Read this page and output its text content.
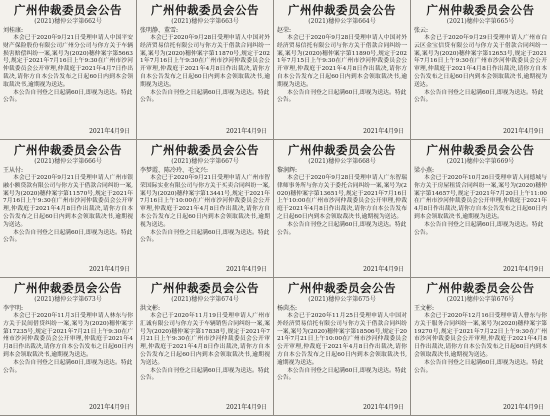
广州仲裁委员会公告
(2021)穗仲公字第662号
刘桂康:
本会已于2020年9月21日受理申请人中国平安财产保险股份有限公司广州分公司与你方关于车辆损害赔偿纠纷一案,案号为(2020)穗仲案字第5663号,规定于2021年7月16日上午9:30在广州市沙河仲裁委员会公开审理,仲裁庭于2021年4月7日作出裁决,请你方自本公告发布之日起60日内到本会领取裁决书,逾期视为送达。
本公告自刊登之日起满60日,即视为送达。特此公告。
2021年4月9日
广州仲裁委员会公告
(2021)穗仲公字第663号
张明静、董雪:
本会已于2020年9月28日受理申请人中国对外经济贸易信托有限公司与你方关于借款合同纠纷一案,案号为(2020)穗仲案字第11870号,规定于2021年7月16日上午9:30在广州市沙河仲裁委员会公开审理,仲裁庭于2021年4月8日作出裁决,请你方自本公告发布之日起60日内到本会领取裁决书,逾期视为送达。
本公告自刊登之日起满60日,即视为送达。特此公告。
2021年4月9日
广州仲裁委员会公告
(2021)穗仲公字第664号
赵荣:
本会已于2020年9月28日受理申请人中国对外经济贸易信托有限公司与你方关于借款合同纠纷一案,案号为(2020)穗仲案字第11890号,规定于2021年7月15日上午9:30在广州市沙河仲裁委员会公开审理,仲裁庭于2021年4月8日作出裁决,请你方自本公告发布之日起60日内到本会领取裁决书,逾期视为送达。
本公告自刊登之日起满60日,即视为送达。特此公告。
2021年4月9日
广州仲裁委员会公告
(2021)穗仲公字第665号
张云:
本会已于2020年9月29日受理申请人广州市白云区金宝信贷有限公司与你方关于借款合同纠纷一案,案号为(2020)穗仲案字第12653号,规定于2021年7月16日上午9:30在广州市沙河仲裁委员会公开审理,仲裁庭于2021年4月8日作出裁决,请你方自本公告发布之日起60日内到本会领取裁决书,逾期视为送达。
本公告自刊登之日起满60日,即视为送达。特此公告。
2021年4月9日
广州仲裁委员会公告
(2021)穗仲公字第666号
王从付:
本会已于2020年9月21日受理申请人广州市银融小额贷款有限公司与你方关于借款合同纠纷一案,案号为(2020)穗仲案字第11570号,规定于2021年7月16日上午9:30在广州市沙河仲裁委员会公开审理,仲裁庭于2021年4月8日作出裁决,请你方自本公告发布之日起60日内到本会领取裁决书,逾期视为送达。
本公告自刊登之日起满60日,即视为送达。特此公告。
2021年4月9日
广州仲裁委员会公告
(2021)穗仲公字第667号
李梦霞、陈冷玲、毛文兴:
本会已于2020年9月21日受理申请人广州市智荣国际实业有限公司与你方关于买卖合同纠纷一案,案号为(2020)穗仲案字第13441号,规定于2021年7月16日上午10:00在广州市沙河仲裁委员会公开审理,仲裁庭于2021年4月8日作出裁决,请你方自本公告发布之日起60日内到本会领取裁决书,逾期视为送达。
本公告自刊登之日起满60日,即视为送达。特此公告。
2021年4月9日
广州仲裁委员会公告
(2021)穗仲公字第668号
黎润辉:
本会已于2020年9月28日受理申请人广东智瑞律师事务所与你方关于委托合同纠纷一案,案号为(2020)穗仲案字第13651号,规定于2021年7月16日上午10:00在广州市沙河仲裁委员会公开审理,仲裁庭于2021年4月8日作出裁决,请你方自本公告发布之日起60日内到本会领取裁决书,逾期视为送达。
本公告自刊登之日起满60日,即视为送达。特此公告。
2021年4月9日
广州仲裁委员会公告
(2021)穗仲公字第669号
梁小燕:
本会已于2020年10月26日受理申请人同德城与你方关于房屋租赁合同纠纷一案,案号为(2020)穗仲案字第14657号,规定于2021年7月20日上午11:00在广州市沙河仲裁委员会公开审理,仲裁庭于2021年4月8日作出裁决,请你方自本公告发布之日起60日内到本会领取裁决书,逾期视为送达。
本公告自刊登之日起满60日,即视为送达。特此公告。
2021年4月9日
广州仲裁委员会公告
(2021)穗仲公字第673号
李宇明:
本会已于2020年11月3日受理申请人林东与你方关于民间借贷纠纷一案,案号为(2020)穗仲案字第17235号,规定于2021年7月21日上午9:30在广州市沙河仲裁委员会公开审理,仲裁庭于2021年4月8日作出裁决,请你方自本公告发布之日起60日内到本会领取裁决书,逾期视为送达。
本公告自刊登之日起满60日,即视为送达。特此公告。
2021年4月9日
广州仲裁委员会公告
(2021)穗仲公字第674号
洪文彬:
本会已于2020年11月19日受理申请人广州市汇诚有限公司与你方关于车辆销售合同纠纷一案,案号为(2020)穗仲案字第17838号,规定于2021年7月21日上午9:30在广州市沙河仲裁委员会公开审理,仲裁庭于2021年4月8日作出裁决,请你方自本公告发布之日起60日内到本会领取裁决书,逾期视为送达。
本公告自刊登之日起满60日,即视为送达。特此公告。
2021年4月9日
广州仲裁委员会公告
(2021)穗仲公字第675号
杨茵杰:
本会已于2020年11月25日受理申请人中国对外经济贸易信托有限公司与你方关于借款合同纠纷一案,案号为(2020)穗仲案字第18506号,规定于2021年7月21日上午10:00在广州市沙河仲裁委员会公开审理,仲裁庭于2021年4月8日作出裁决,请你方自本公告发布之日起60日内到本会领取裁决书,逾期视为送达。
本公告自刊登之日起满60日,即视为送达。特此公告。
2021年4月9日
广州仲裁委员会公告
(2021)穗仲公字第676号
王文彬:
本会已于2020年12月16日受理申请人曹东与你方关于服务合同纠纷一案,案号为(2020)穗仲案字第19270号,规定于2021年7月22日上午9:30在广州市沙河仲裁委员会公开审理,仲裁庭于2021年4月8日作出裁决,请你方自本公告发布之日起60日内到本会领取裁决书,逾期视为送达。
本公告自刊登之日起满60日,即视为送达。特此公告。
2021年4月9日
